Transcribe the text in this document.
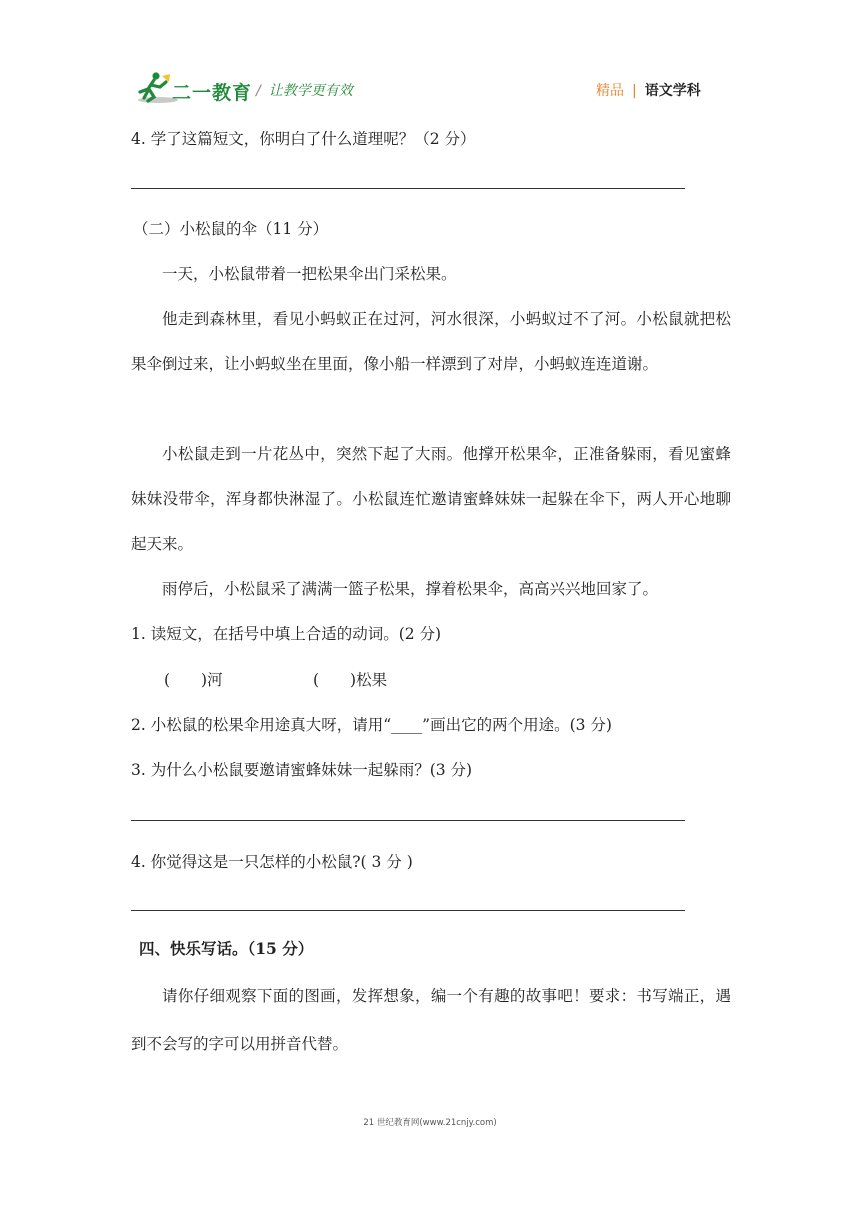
二一教育 / 让教学更有效	精品 | 语文学科
4. 学了这篇短文，你明白了什么道理呢？（2 分）
（二）小松鼠的伞（11 分）
一天，小松鼠带着一把松果伞出门采松果。
他走到森林里，看见小蚂蚁正在过河，河水很深，小蚂蚁过不了河。小松鼠就把松果伞倒过来，让小蚂蚁坐在里面，像小船一样漂到了对岸，小蚂蚁连连道谢。
小松鼠走到一片花丛中，突然下起了大雨。他撑开松果伞，正准备躲雨，看见蜜蜂妹妹没带伞，浑身都快淋湿了。小松鼠连忙邀请蜜蜂妹妹一起躲在伞下，两人开心地聊起天来。
雨停后，小松鼠采了满满一篮子松果，撑着松果伞，高高兴兴地回家了。
1. 读短文，在括号中填上合适的动词。(2 分)
(　　)河	(　　)松果
2. 小松鼠的松果伞用途真大呀，请用“____”画出它的两个用途。(3 分)
3. 为什么小松鼠要邀请蜜蜂妹妹一起躲雨？(3 分)
4. 你觉得这是一只怎样的小松鼠?( 3 分 )
四、快乐写话。（15 分）
请你仔细观察下面的图画，发挥想象，编一个有趣的故事吧！要求：书写端正，遇到不会写的字可以用拼音代替。
21 世纪教育网(www.21cnjy.com)
